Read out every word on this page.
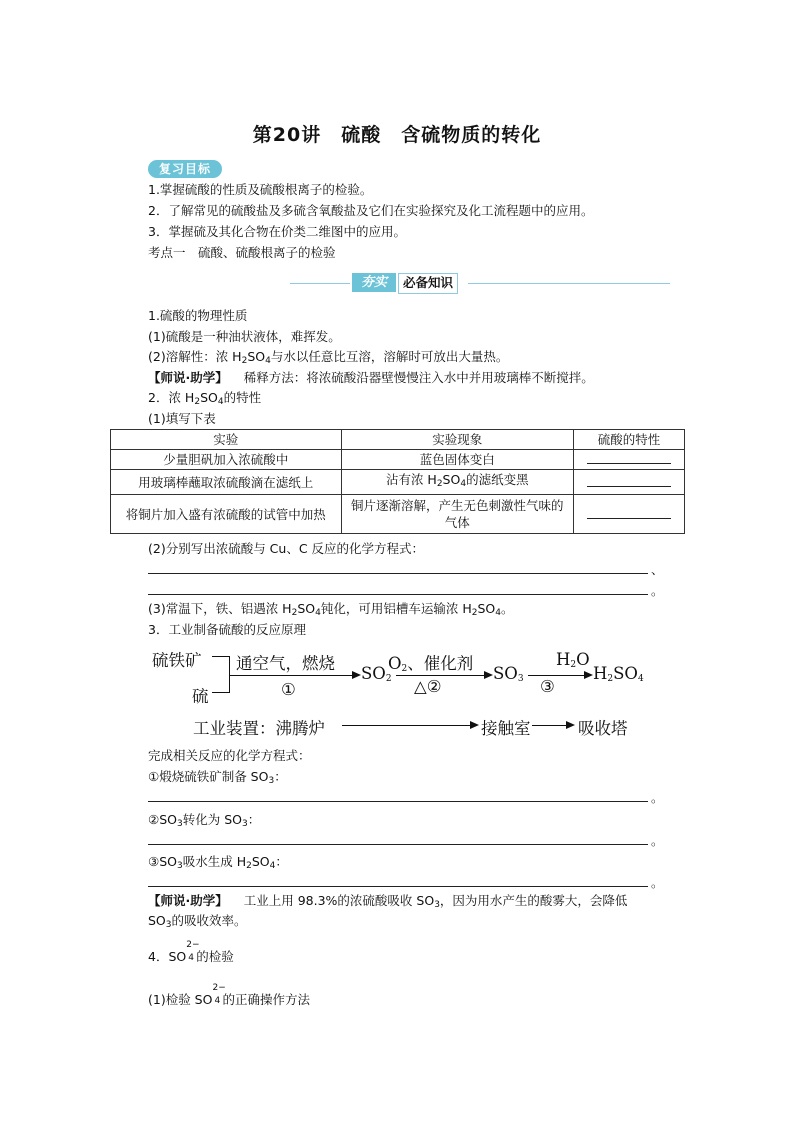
第20讲　硫酸　含硫物质的转化
复习目标
1.掌握硫酸的性质及硫酸根离子的检验。
2．了解常见的硫酸盐及多硫含氧酸盐及它们在实验探究及化工流程题中的应用。
3．掌握硫及其化合物在价类二维图中的应用。
考点一　硫酸、硫酸根离子的检验
夯实	必备知识
1.硫酸的物理性质
(1)硫酸是一种油状液体，难挥发。
(2)溶解性：浓 $H_2SO_4$与水以任意比互溶，溶解时可放出大量热。
【师说·助学】 稀释方法：将浓硫酸沿器壁慢慢注入水中并用玻璃棒不断搅拌。
2．浓 $H_2SO_4$的特性
(1)填写下表
实验	实验现象	硫酸的特性
少量胆矾加入浓硫酸中	蓝色固体变白	
用玻璃棒蘸取浓硫酸滴在滤纸上	沾有浓 $H_2SO_4$的滤纸变黑	
将铜片加入盛有浓硫酸的试管中加热	铜片逐渐溶解，产生无色刺激性气味的气体	
(2)分别写出浓硫酸与 Cu、C 反应的化学方程式：
、
。
(3)常温下，铁、铝遇浓 $H_2SO_4$钝化，可用铝槽车运输浓 $H_2SO_4$。
3．工业制备硫酸的反应原理
硫铁矿
硫
通空气，燃烧
①
$SO_2$
$O_2$、催化剂
△②
$SO_3$
$H_2O$
③
$H_2SO_4$
工业装置：沸腾炉	接触室	吸收塔
完成相关反应的化学方程式：
①煅烧硫铁矿制备 $SO_3$：
。
$②SO_3$转化为 $SO_3$：
。
$③SO_3$吸水生成 $H_2SO_4$：
。
【师说·助学】 工业上用 98.3%的浓硫酸吸收 $SO_3$，因为用水产生的酸雾大，会降低
$SO_3$的吸收效率。
4．SO
2−
4 的检验
(1)检验 SO
2−
4 的正确操作方法
